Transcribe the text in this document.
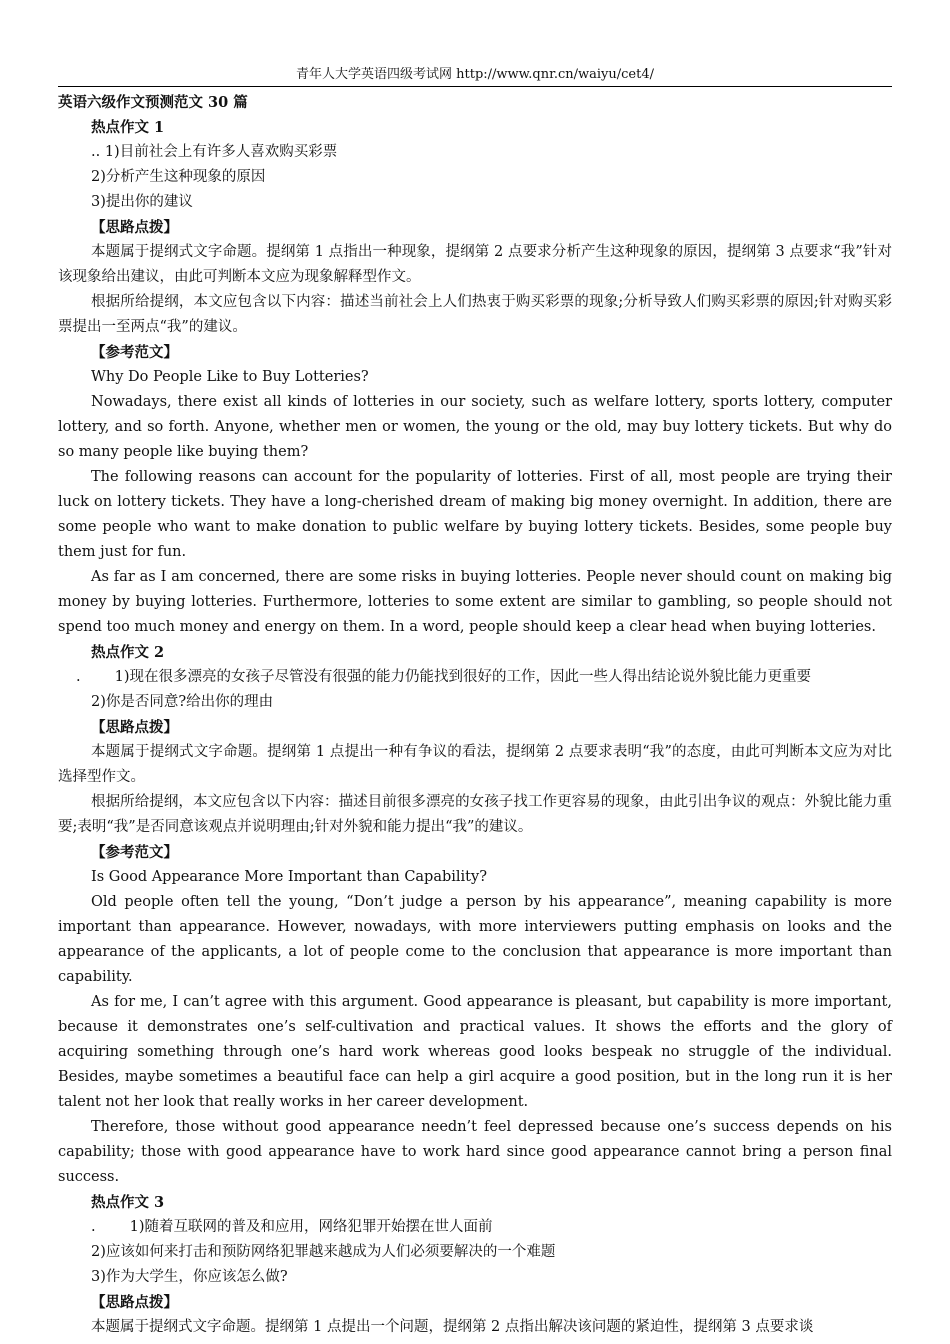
青年人大学英语四级考试网 http://www.qnr.cn/waiyu/cet4/

英语六级作文预测范文 30 篇

热点作文 1

.. 1)目前社会上有许多人喜欢购买彩票

2)分析产生这种现象的原因

3)提出你的建议

【思路点拨】

本题属于提纲式文字命题。提纲第 1 点指出一种现象，提纲第 2 点要求分析产生这种现象的原因，提纲第 3 点要求“我”针对该现象给出建议，由此可判断本文应为现象解释型作文。

根据所给提纲，本文应包含以下内容：描述当前社会上人们热衷于购买彩票的现象;分析导致人们购买彩票的原因;针对购买彩票提出一至两点“我”的建议。

【参考范文】

Why Do People Like to Buy Lotteries?

Nowadays, there exist all kinds of lotteries in our society, such as welfare lottery, sports lottery, computer lottery, and so forth. Anyone, whether men or women, the young or the old, may buy lottery tickets. But why do so many people like buying them?

The following reasons can account for the popularity of lotteries. First of all, most people are trying their luck on lottery tickets. They have a long-cherished dream of making big money overnight. In addition, there are some people who want to make donation to public welfare by buying lottery tickets. Besides, some people buy them just for fun.

As far as I am concerned, there are some risks in buying lotteries. People never should count on making big money by buying lotteries. Furthermore, lotteries to some extent are similar to gambling, so people should not spend too much money and energy on them. In a word, people should keep a clear head when buying lotteries.

热点作文 2

. 1)现在很多漂亮的女孩子尽管没有很强的能力仍能找到很好的工作，因此一些人得出结论说外貌比能力更重要

2)你是否同意?给出你的理由

【思路点拨】

本题属于提纲式文字命题。提纲第 1 点提出一种有争议的看法，提纲第 2 点要求表明“我”的态度，由此可判断本文应为对比选择型作文。

根据所给提纲，本文应包含以下内容：描述目前很多漂亮的女孩子找工作更容易的现象，由此引出争议的观点：外貌比能力重要;表明“我”是否同意该观点并说明理由;针对外貌和能力提出“我”的建议。

【参考范文】

Is Good Appearance More Important than Capability?

Old people often tell the young, “Don’t judge a person by his appearance”, meaning capability is more important than appearance. However, nowadays, with more interviewers putting emphasis on looks and the appearance of the applicants, a lot of people come to the conclusion that appearance is more important than capability.

As for me, I can’t agree with this argument. Good appearance is pleasant, but capability is more important, because it demonstrates one’s self-cultivation and practical values. It shows the efforts and the glory of acquiring something through one’s hard work whereas good looks bespeak no struggle of the individual. Besides, maybe sometimes a beautiful face can help a girl acquire a good position, but in the long run it is her talent not her look that really works in her career development.

Therefore, those without good appearance needn’t feel depressed because one’s success depends on his capability; those with good appearance have to work hard since good appearance cannot bring a person final success.

热点作文 3

. 1)随着互联网的普及和应用，网络犯罪开始摆在世人面前

2)应该如何来打击和预防网络犯罪越来越成为人们必须要解决的一个难题

3)作为大学生，你应该怎么做?

【思路点拨】

本题属于提纲式文字命题。提纲第 1 点提出一个问题，提纲第 2 点指出解决该问题的紧迫性，提纲第 3 点要求谈
